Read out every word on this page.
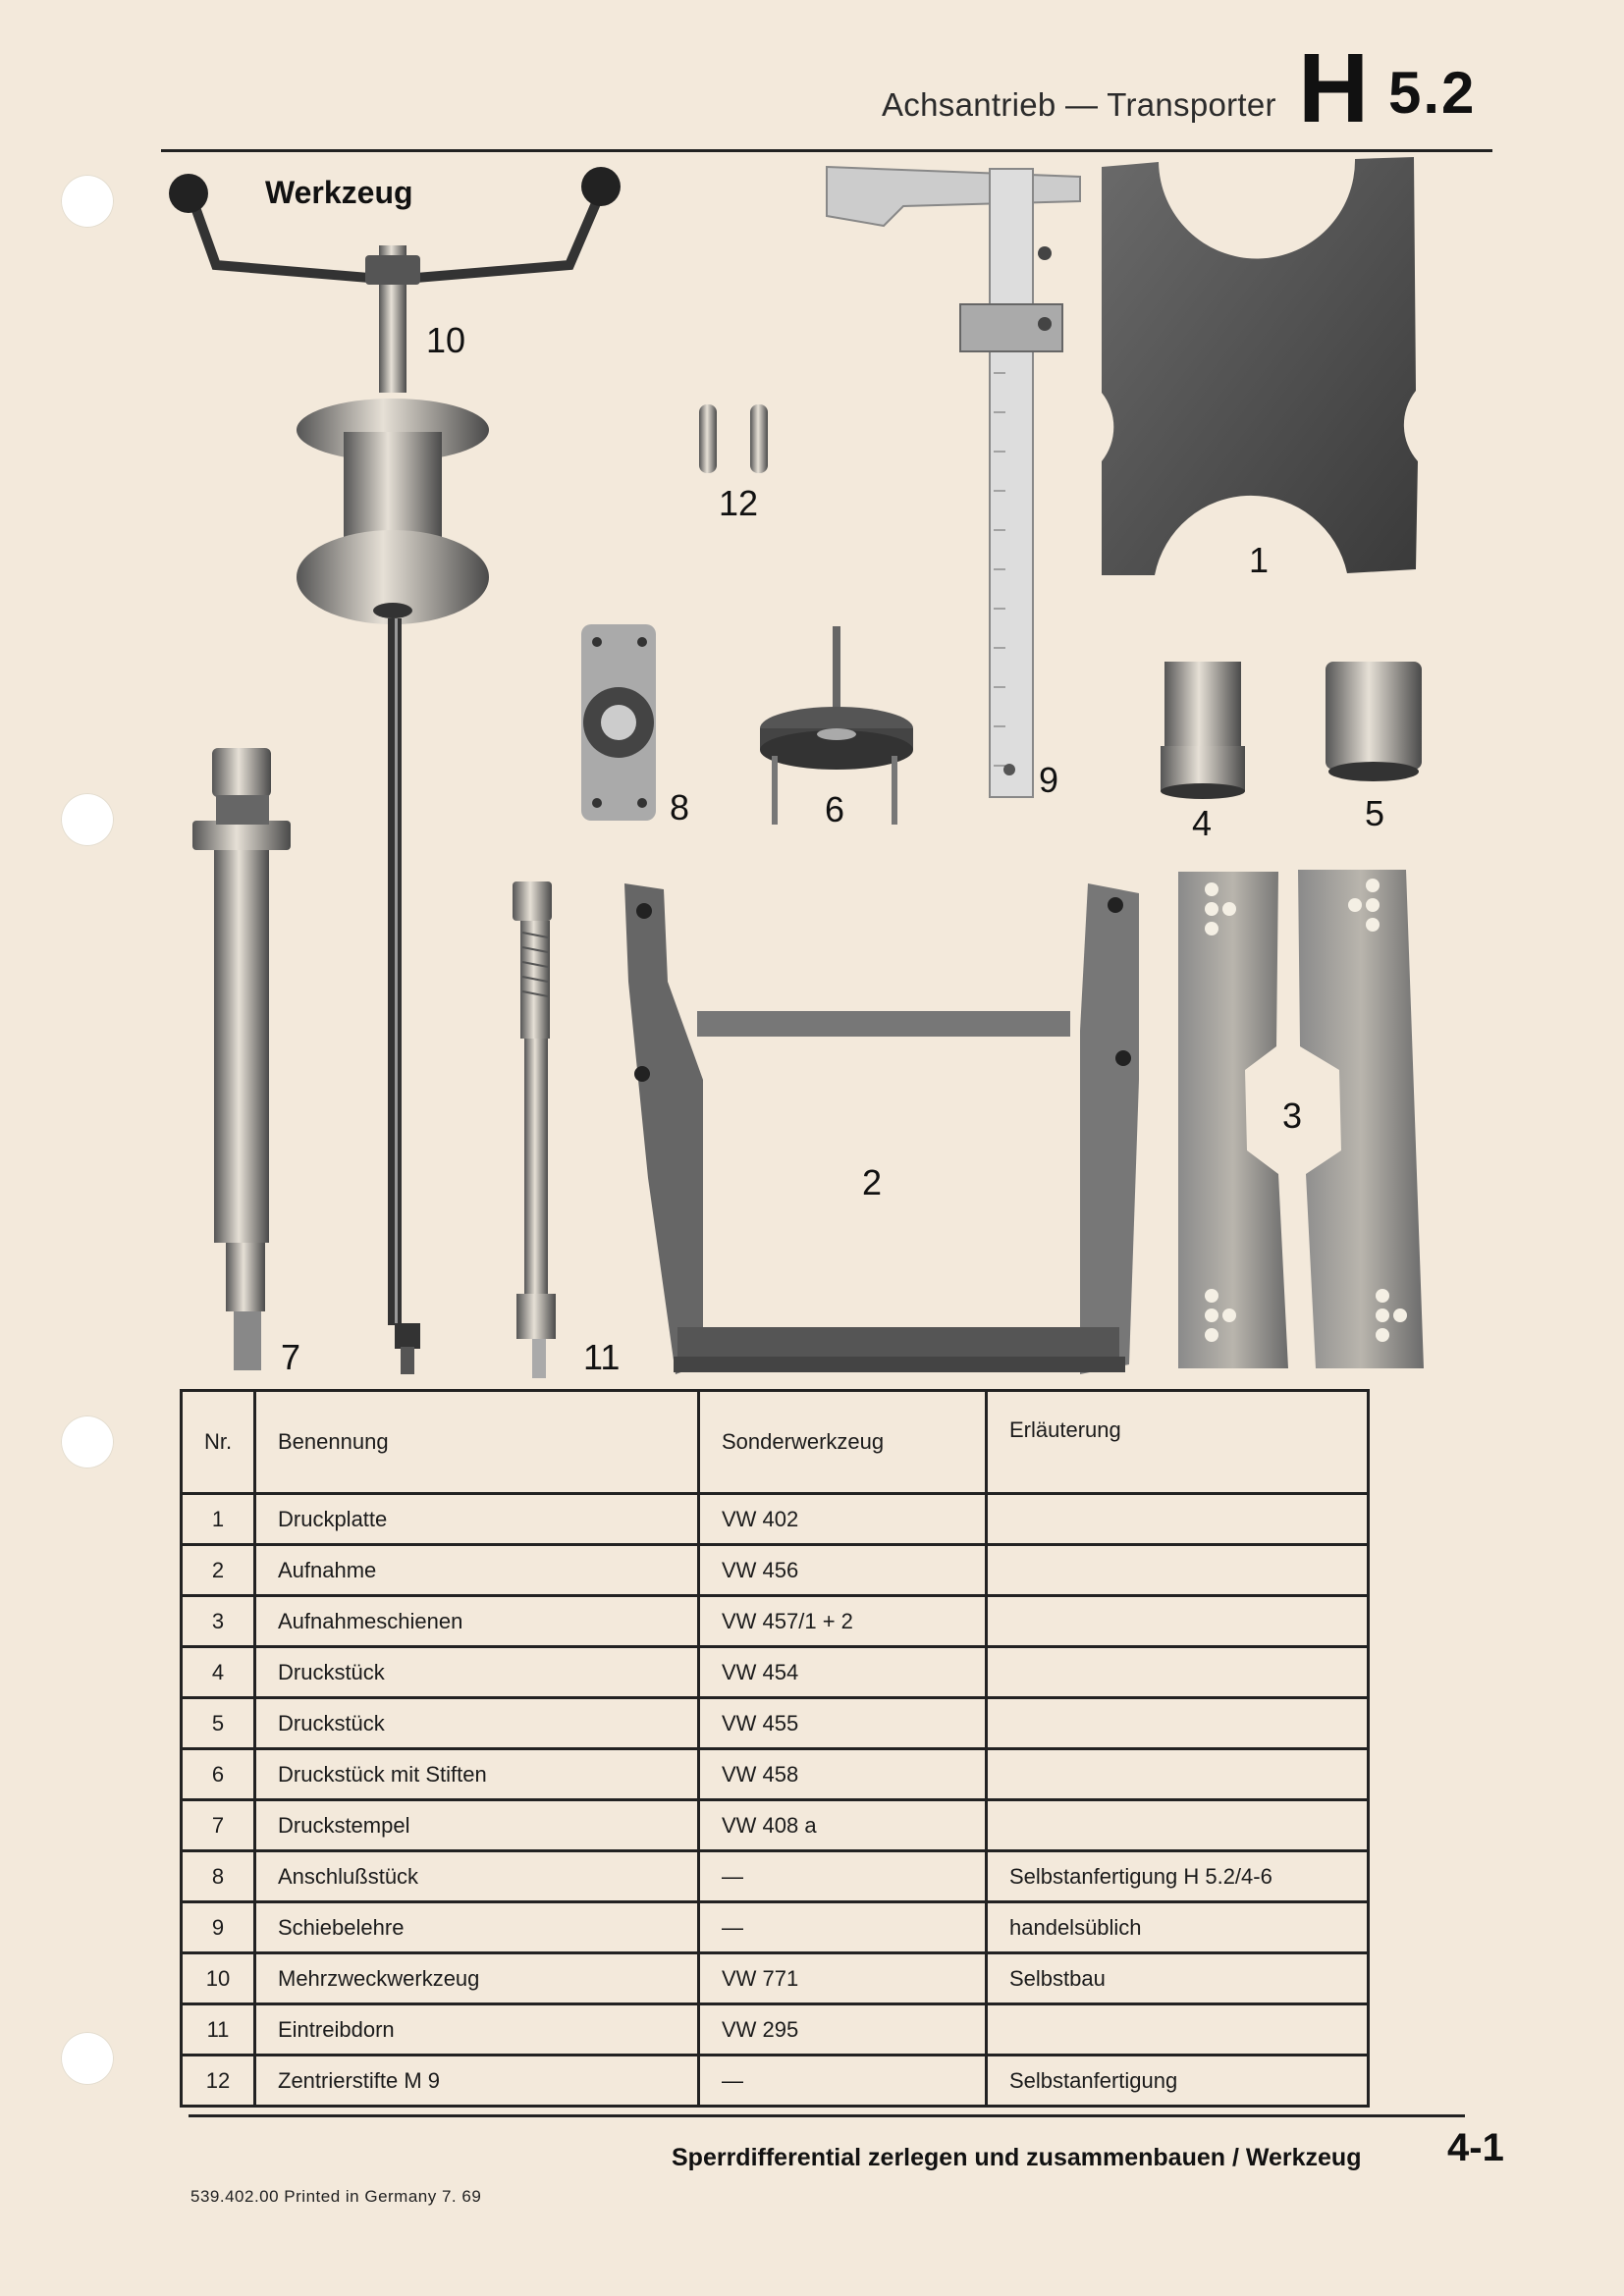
Achsantrieb — Transporter H 5.2
Werkzeug
1
2
3
4	5
6
7
8
9
10
11
12
Nr.	Benennung	Sonderwerkzeug	Erläuterung
1	Druckplatte	VW 402	
2	Aufnahme	VW 456	
3	Aufnahmeschienen	VW 457/1 + 2	
4	Druckstück	VW 454	
5	Druckstück	VW 455	
6	Druckstück mit Stiften	VW 458	
7	Druckstempel	VW 408 a	
8	Anschlußstück	—	Selbstanfertigung H 5.2/4-6
9	Schiebelehre	—	handelsüblich
10	Mehrzweckwerkzeug	VW 771	Selbstbau
11	Eintreibdorn	VW 295	
12	Zentrierstifte M 9	—	Selbstanfertigung
Sperrdifferential zerlegen und zusammenbauen / Werkzeug 4-1
539.402.00 Printed in Germany 7. 69
